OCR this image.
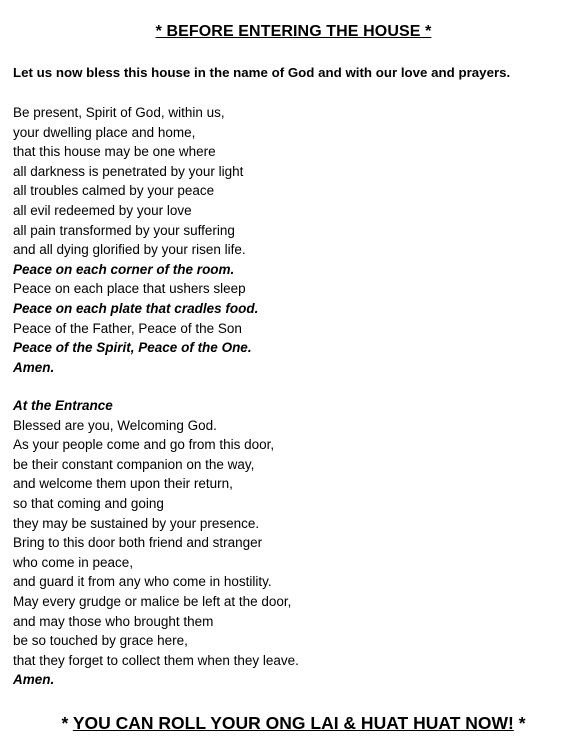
* BEFORE ENTERING THE HOUSE *
Let us now bless this house in the name of God and with our love and prayers.
Be present, Spirit of God, within us,
your dwelling place and home,
that this house may be one where
all darkness is penetrated by your light
all troubles calmed by your peace
all evil redeemed by your love
all pain transformed by your suffering
and all dying glorified by your risen life.
Peace on each corner of the room.
Peace on each place that ushers sleep
Peace on each plate that cradles food.
Peace of the Father, Peace of the Son
Peace of the Spirit, Peace of the One.
Amen.
At the Entrance
Blessed are you, Welcoming God.
As your people come and go from this door,
be their constant companion on the way,
and welcome them upon their return,
so that coming and going
they may be sustained by your presence.
Bring to this door both friend and stranger
who come in peace,
and guard it from any who come in hostility.
May every grudge or malice be left at the door,
and may those who brought them
be so touched by grace here,
that they forget to collect them when they leave.
Amen.
* YOU CAN ROLL YOUR ONG LAI & HUAT HUAT NOW! *
